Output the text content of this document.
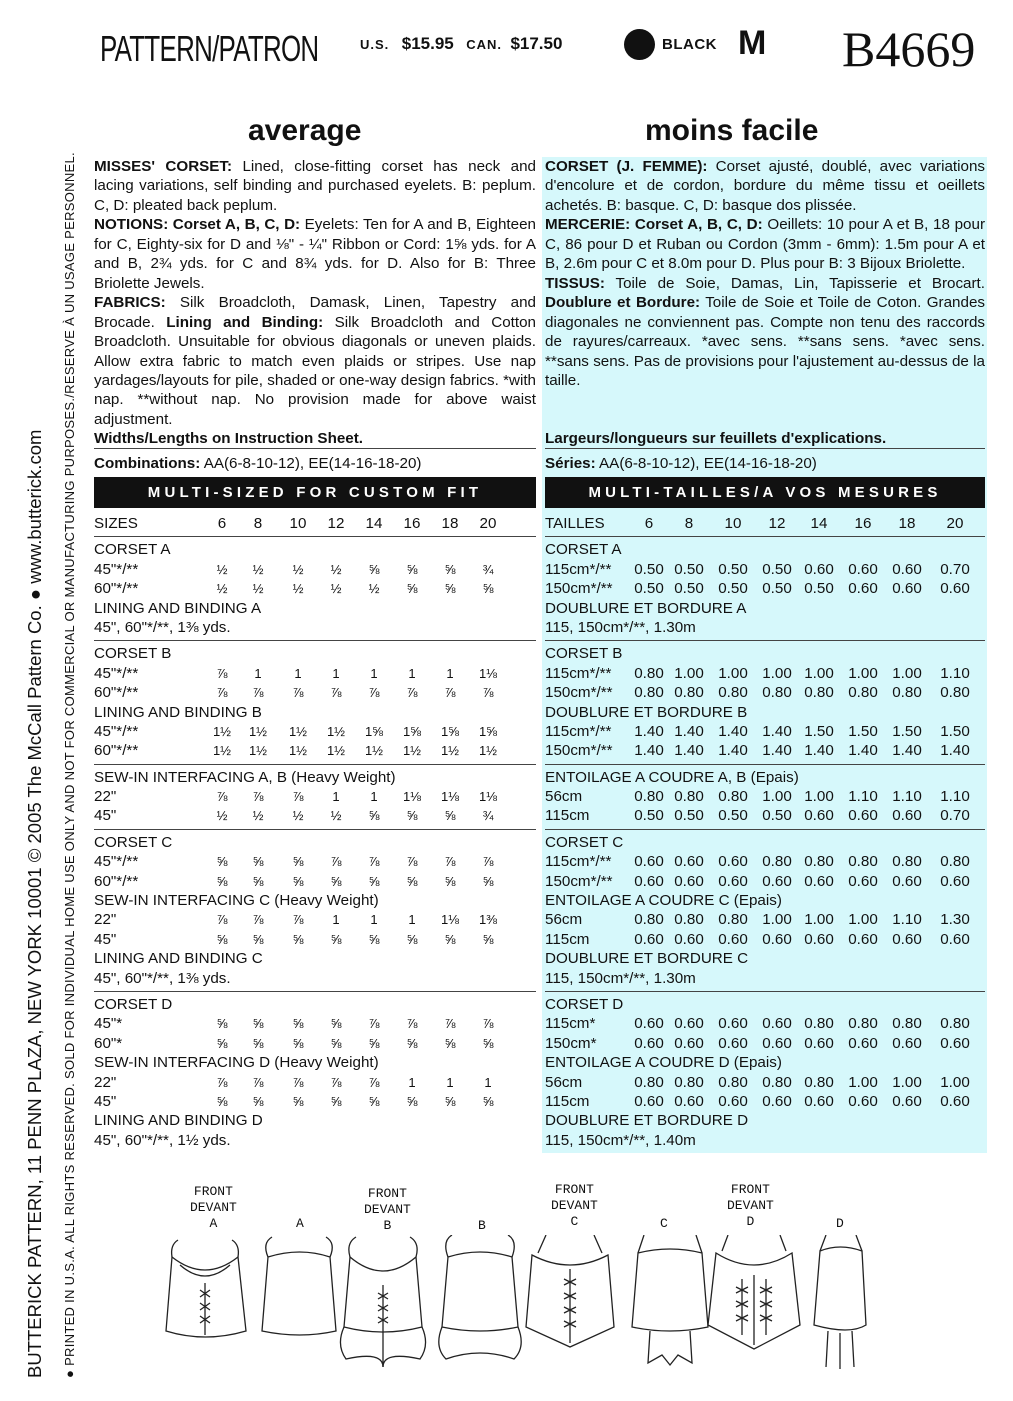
PATTERN/PATRON	U.S. $15.95 CAN. $17.50	BLACK M B4669
BUTTERICK PATTERN, 11 PENN PLAZA, NEW YORK 10001 © 2005 The McCall Pattern Co. ● www.butterick.com ● PRINTED IN U.S.A. ALL RIGHTS RESERVED. SOLD FOR INDIVIDUAL HOME USE ONLY AND NOT FOR COMMERCIAL OR MANUFACTURING PURPOSES./RESERVE À UN USAGE PERSONNEL.
average	moins facile

MISSES' CORSET: Lined, close-fitting corset has neck and lacing variations, self binding and purchased eyelets. B: peplum. C, D: pleated back peplum.

NOTIONS: Corset A, B, C, D: Eyelets: Ten for A and B, Eighteen for C, Eighty-six for D and ⅛" - ¼" Ribbon or Cord: 1⅝ yds. for A and B, 2¾ yds. for C and 8¾ yds. for D. Also for B: Three Briolette Jewels.

FABRICS: Silk Broadcloth, Damask, Linen, Tapestry and Brocade. Lining and Binding: Silk Broadcloth and Cotton Broadcloth. Unsuitable for obvious diagonals or uneven plaids. Allow extra fabric to match even plaids or stripes. Use nap yardages/layouts for pile, shaded or one-way design fabrics. *with nap. **without nap. No provision made for above waist adjustment.

Widths/Lengths on Instruction Sheet.

Combinations: AA(6-8-10-12), EE(14-16-18-20)

CORSET (J. FEMME): Corset ajusté, doublé, avec variations d'encolure et de cordon, bordure du même tissu et oeillets achetés. B: basque. C, D: basque dos plissée.

MERCERIE: Corset A, B, C, D: Oeillets: 10 pour A et B, 18 pour C, 86 pour D et Ruban ou Cordon (3mm - 6mm): 1.5m pour A et B, 2.6m pour C et 8.0m pour D. Plus pour B: 3 Bijoux Briolette.

TISSUS: Toile de Soie, Damas, Lin, Tapisserie et Brocart. Doublure et Bordure: Toile de Soie et Toile de Coton. Grandes diagonales ne conviennent pas. Compte non tenu des raccords de rayures/carreaux. *avec sens. **sans sens. *avec sens. **sans sens. Pas de provisions pour l'ajustement au-dessus de la taille.

Largeurs/longueurs sur feuillets d'explications.
Séries: AA(6-8-10-12), EE(14-16-18-20)
MULTI-SIZED FOR CUSTOM FIT	MULTI-TAILLES/A VOS MESURES
SIZES	6	8	10	12	14	16	18	20
CORSET A
45"*/**	½	½	½	½	⅝	⅝	⅝	¾
60"*/**	½	½	½	½	½	⅝	⅝	⅝
LINING AND BINDING A
45", 60"*/**, 1⅜ yds.
CORSET B
45"*/**	⅞	1	1	1	1	1	1	1⅛
60"*/**	⅞	⅞	⅞	⅞	⅞	⅞	⅞	⅞
LINING AND BINDING B
45"*/**	1½	1½	1½	1½	1⅝	1⅝	1⅝	1⅝
60"*/**	1½	1½	1½	1½	1½	1½	1½	1½
SEW-IN INTERFACING A, B (Heavy Weight)
22"	⅞	⅞	⅞	1	1	1⅛	1⅛	1⅛
45"	½	½	½	½	⅝	⅝	⅝	¾
CORSET C
45"*/**	⅝	⅝	⅝	⅞	⅞	⅞	⅞	⅞
60"*/**	⅝	⅝	⅝	⅝	⅝	⅝	⅝	⅝
SEW-IN INTERFACING C (Heavy Weight)
22"	⅞	⅞	⅞	1	1	1	1⅛	1⅜
45"	⅝	⅝	⅝	⅝	⅝	⅝	⅝	⅝
LINING AND BINDING C
45", 60"*/**, 1⅜ yds.
CORSET D
45"*	⅝	⅝	⅝	⅝	⅞	⅞	⅞	⅞
60"*	⅝	⅝	⅝	⅝	⅝	⅝	⅝	⅝
SEW-IN INTERFACING D (Heavy Weight)
22"	⅞	⅞	⅞	⅞	⅞	1	1	1
45"	⅝	⅝	⅝	⅝	⅝	⅝	⅝	⅝
LINING AND BINDING D
45", 60"*/**, 1½ yds.
TAILLES	6	8	10	12	14	16	18	20
CORSET A
115cm*/** 0.50 0.50 0.50 0.50 0.60 0.60 0.60 0.70
150cm*/** 0.50 0.50 0.50 0.50 0.50 0.60 0.60 0.60
DOUBLURE ET BORDURE A
115, 150cm*/**, 1.30m
CORSET B
115cm*/** 0.80 1.00 1.00 1.00 1.00 1.00 1.00 1.10
150cm*/** 0.80 0.80 0.80 0.80 0.80 0.80 0.80 0.80
DOUBLURE ET BORDURE B
115cm*/** 1.40 1.40 1.40 1.40 1.50 1.50 1.50 1.50
150cm*/** 1.40 1.40 1.40 1.40 1.40 1.40 1.40 1.40
ENTOILAGE A COUDRE A, B (Epais)
56cm	0.80 0.80 0.80 1.00 1.00 1.10 1.10 1.10
115cm	0.50 0.50 0.50 0.50 0.60 0.60 0.60 0.70
CORSET C
115cm*/** 0.60 0.60 0.60 0.80 0.80 0.80 0.80 0.80
150cm*/** 0.60 0.60 0.60 0.60 0.60 0.60 0.60 0.60
ENTOILAGE A COUDRE C (Epais)
56cm	0.80 0.80 0.80 1.00 1.00 1.00 1.10 1.30
115cm	0.60 0.60 0.60 0.60 0.60 0.60 0.60 0.60
DOUBLURE ET BORDURE C
115, 150cm*/**, 1.30m
CORSET D
115cm*	0.60 0.60 0.60 0.60 0.80 0.80 0.80 0.80
150cm* 0.60 0.60 0.60 0.60 0.60 0.60 0.60 0.60
ENTOILAGE A COUDRE D (Epais)
56cm	0.80 0.80 0.80 0.80 0.80 1.00 1.00 1.00
115cm	0.60 0.60 0.60 0.60 0.60 0.60 0.60 0.60
DOUBLURE ET BORDURE D
115, 150cm*/**, 1.40m
FRONT
DEVANT
A	A
FRONT
DEVANT
B	B
FRONT
DEVANT
C	C
FRONT
DEVANT
D	D
